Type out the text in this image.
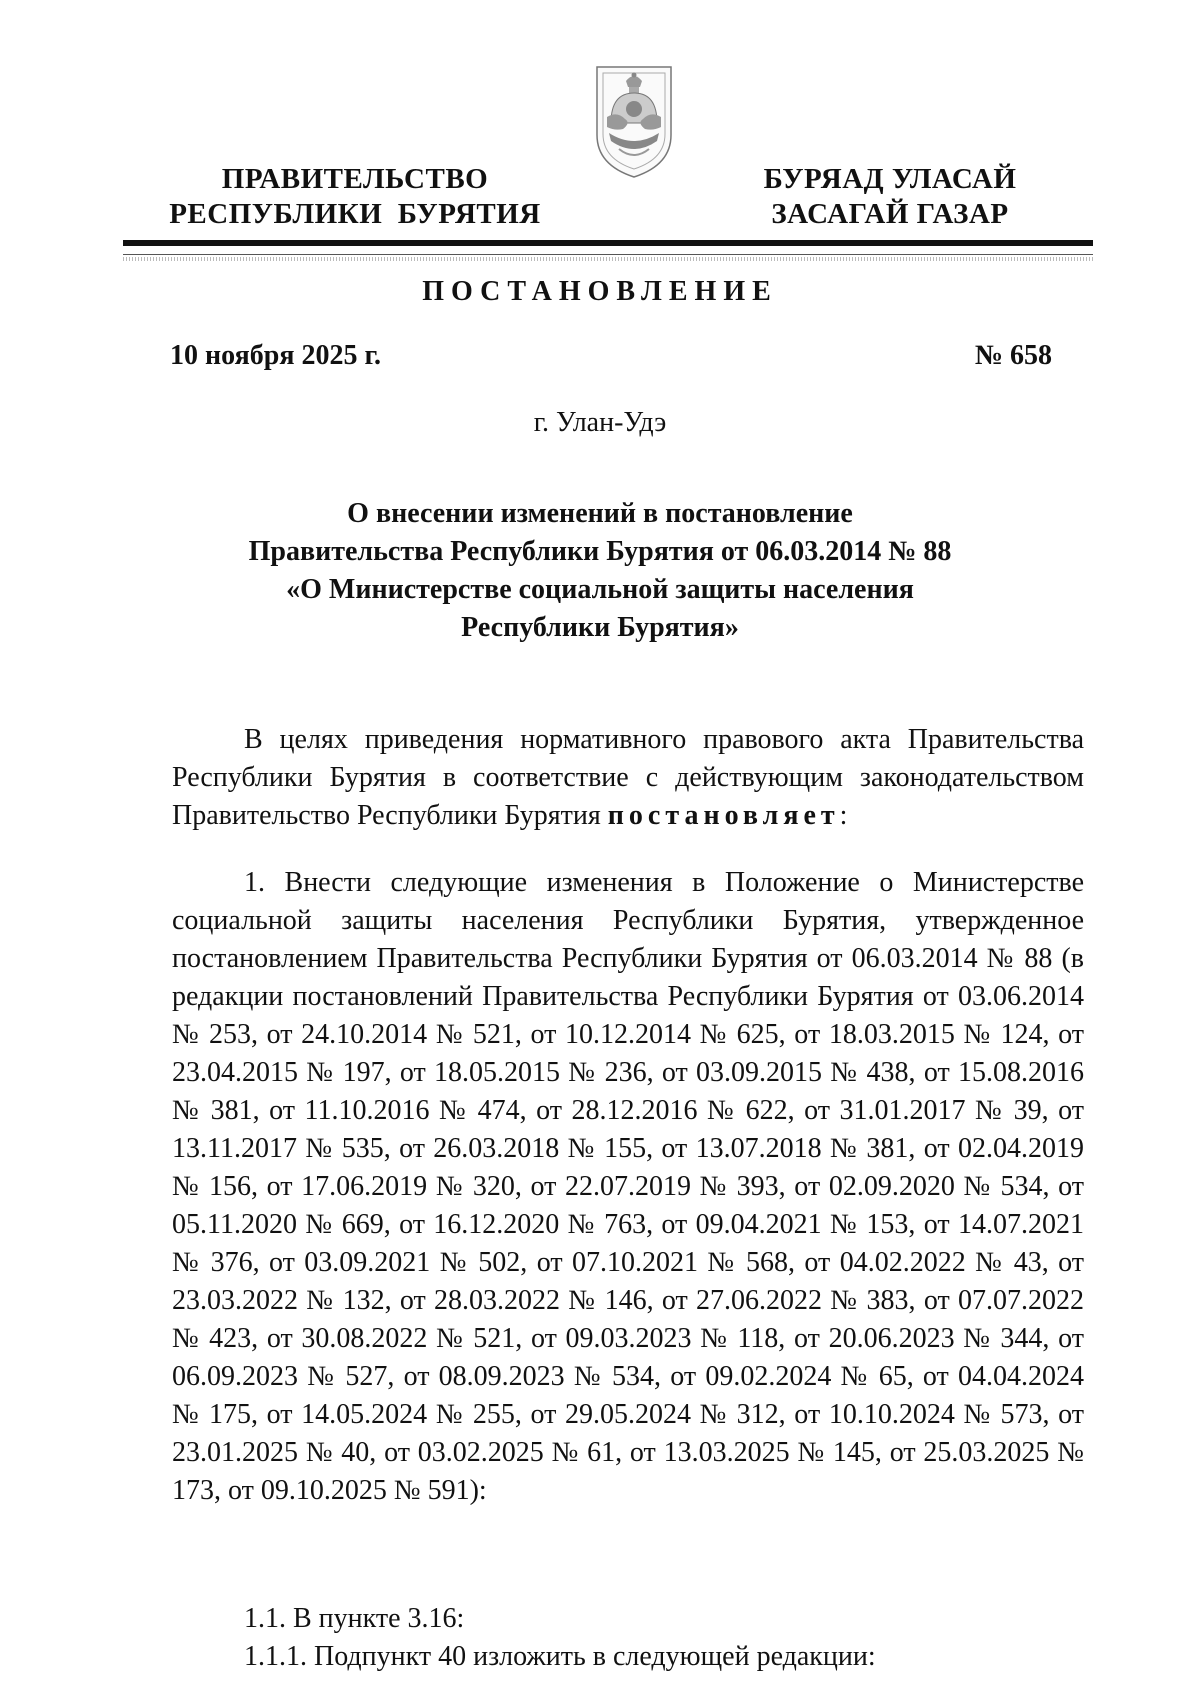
ПРАВИТЕЛЬСТВО
РЕСПУБЛИКИ  БУРЯТИЯ
БУРЯАД УЛАСАЙ
ЗАСАГАЙ ГАЗАР
ПОСТАНОВЛЕНИЕ
10 ноября 2025 г.	№ 658
г. Улан-Удэ
О внесении изменений в постановление
Правительства Республики Бурятия от 06.03.2014 № 88
«О Министерстве социальной защиты населения
Республики Бурятия»
В целях приведения нормативного правового акта Правительства Республики Бурятия в соответствие с действующим законодательством Правительство Республики Бурятия постановляет:
1. Внести следующие изменения в Положение о Министерстве социальной защиты населения Республики Бурятия, утвержденное постановлением Правительства Республики Бурятия от 06.03.2014 № 88 (в редакции постановлений Правительства Республики Бурятия от 03.06.2014 № 253, от 24.10.2014 № 521, от 10.12.2014 № 625, от 18.03.2015 № 124, от 23.04.2015 № 197, от 18.05.2015 № 236, от 03.09.2015 № 438, от 15.08.2016 № 381, от 11.10.2016 № 474, от 28.12.2016 № 622, от 31.01.2017 № 39, от 13.11.2017 № 535, от 26.03.2018 № 155, от 13.07.2018 № 381, от 02.04.2019 № 156, от 17.06.2019 № 320, от 22.07.2019 № 393, от 02.09.2020 № 534, от 05.11.2020 № 669, от 16.12.2020 № 763, от 09.04.2021 № 153, от 14.07.2021 № 376, от 03.09.2021 № 502, от 07.10.2021 № 568, от 04.02.2022 № 43, от 23.03.2022 № 132, от 28.03.2022 № 146, от 27.06.2022 № 383, от 07.07.2022 № 423, от 30.08.2022 № 521, от 09.03.2023 № 118, от 20.06.2023 № 344, от 06.09.2023 № 527, от 08.09.2023 № 534, от 09.02.2024 № 65, от 04.04.2024 № 175, от 14.05.2024 № 255, от 29.05.2024 № 312, от 10.10.2024 № 573, от 23.01.2025 № 40, от 03.02.2025 № 61, от 13.03.2025 № 145, от 25.03.2025 № 173, от 09.10.2025 № 591):
1.1. В пункте 3.16:
1.1.1. Подпункт 40 изложить в следующей редакции:
